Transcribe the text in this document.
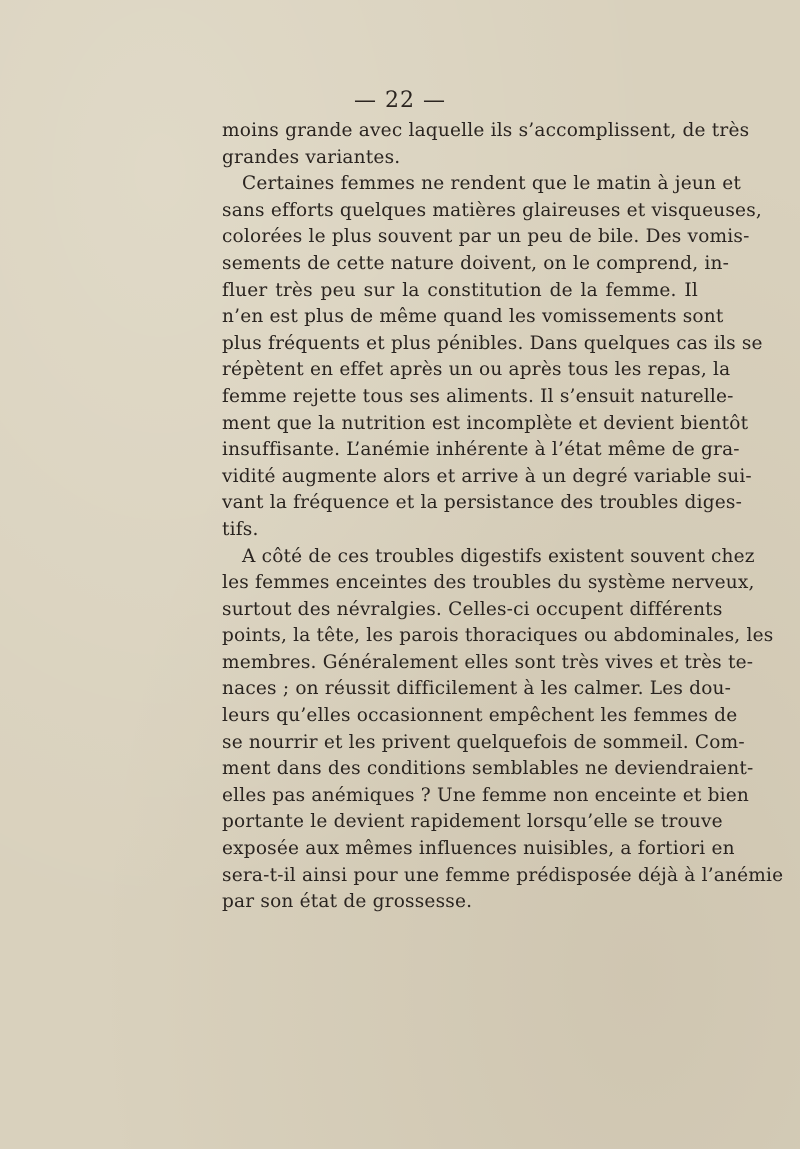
— 22 —
moins grande avec laquelle ils s’accomplissent, de très
grandes variantes.
Certaines femmes ne rendent que le matin à jeun et
sans efforts quelques matières glaireuses et visqueuses,
colorées le plus souvent par un peu de bile. Des vomis-
sements de cette nature doivent, on le comprend, in-
fluer très peu sur la constitution de la femme. Il
n’en est plus de même quand les vomissements sont
plus fréquents et plus pénibles. Dans quelques cas ils se
répètent en effet après un ou après tous les repas, la
femme rejette tous ses aliments. Il s’ensuit naturelle-
ment que la nutrition est incomplète et devient bientôt
insuffisante. L’anémie inhérente à l’état même de gra-
vidité augmente alors et arrive à un degré variable sui-
vant la fréquence et la persistance des troubles diges-
tifs.
A côté de ces troubles digestifs existent souvent chez
les femmes enceintes des troubles du système nerveux,
surtout des névralgies. Celles-ci occupent différents
points, la tête, les parois thoraciques ou abdominales, les
membres. Généralement elles sont très vives et très te-
naces ; on réussit difficilement à les calmer. Les dou-
leurs qu’elles occasionnent empêchent les femmes de
se nourrir et les privent quelquefois de sommeil. Com-
ment dans des conditions semblables ne deviendraient-
elles pas anémiques ? Une femme non enceinte et bien
portante le devient rapidement lorsqu’elle se trouve
exposée aux mêmes influences nuisibles, a fortiori en
sera-t-il ainsi pour une femme prédisposée déjà à l’anémie
par son état de grossesse.
